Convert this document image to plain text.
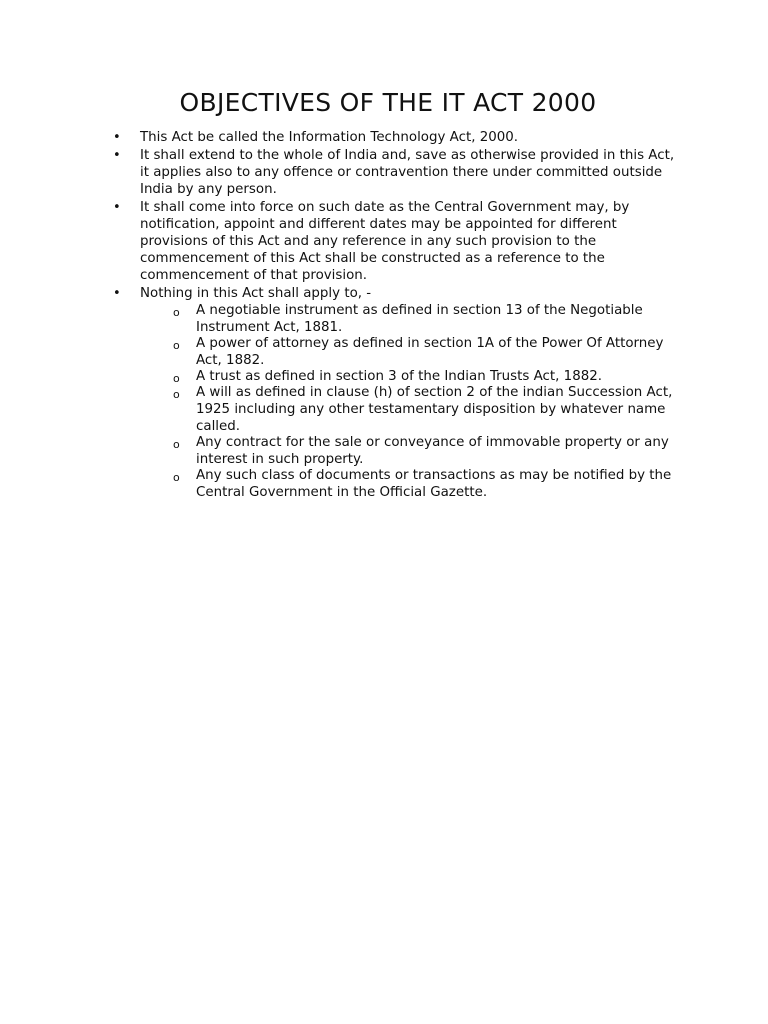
OBJECTIVES OF THE IT ACT 2000
• This Act be called the Information Technology Act, 2000.
• It shall extend to the whole of India and, save as otherwise provided in this Act, it applies also to any offence or contravention there under committed outside India by any person.
• It shall come into force on such date as the Central Government may, by notification, appoint and different dates may be appointed for different provisions of this Act and any reference in any such provision to the commencement of this Act shall be constructed as a reference to the commencement of that provision.
• Nothing in this Act shall apply to, -
o A negotiable instrument as defined in section 13 of the Negotiable Instrument Act, 1881.
o A power of attorney as defined in section 1A of the Power Of Attorney Act, 1882.
o A trust as defined in section 3 of the Indian Trusts Act, 1882.
o A will as defined in clause (h) of section 2 of the indian Succession Act, 1925 including any other testamentary disposition by whatever name called.
o Any contract for the sale or conveyance of immovable property or any interest in such property.
o Any such class of documents or transactions as may be notified by the Central Government in the Official Gazette.
